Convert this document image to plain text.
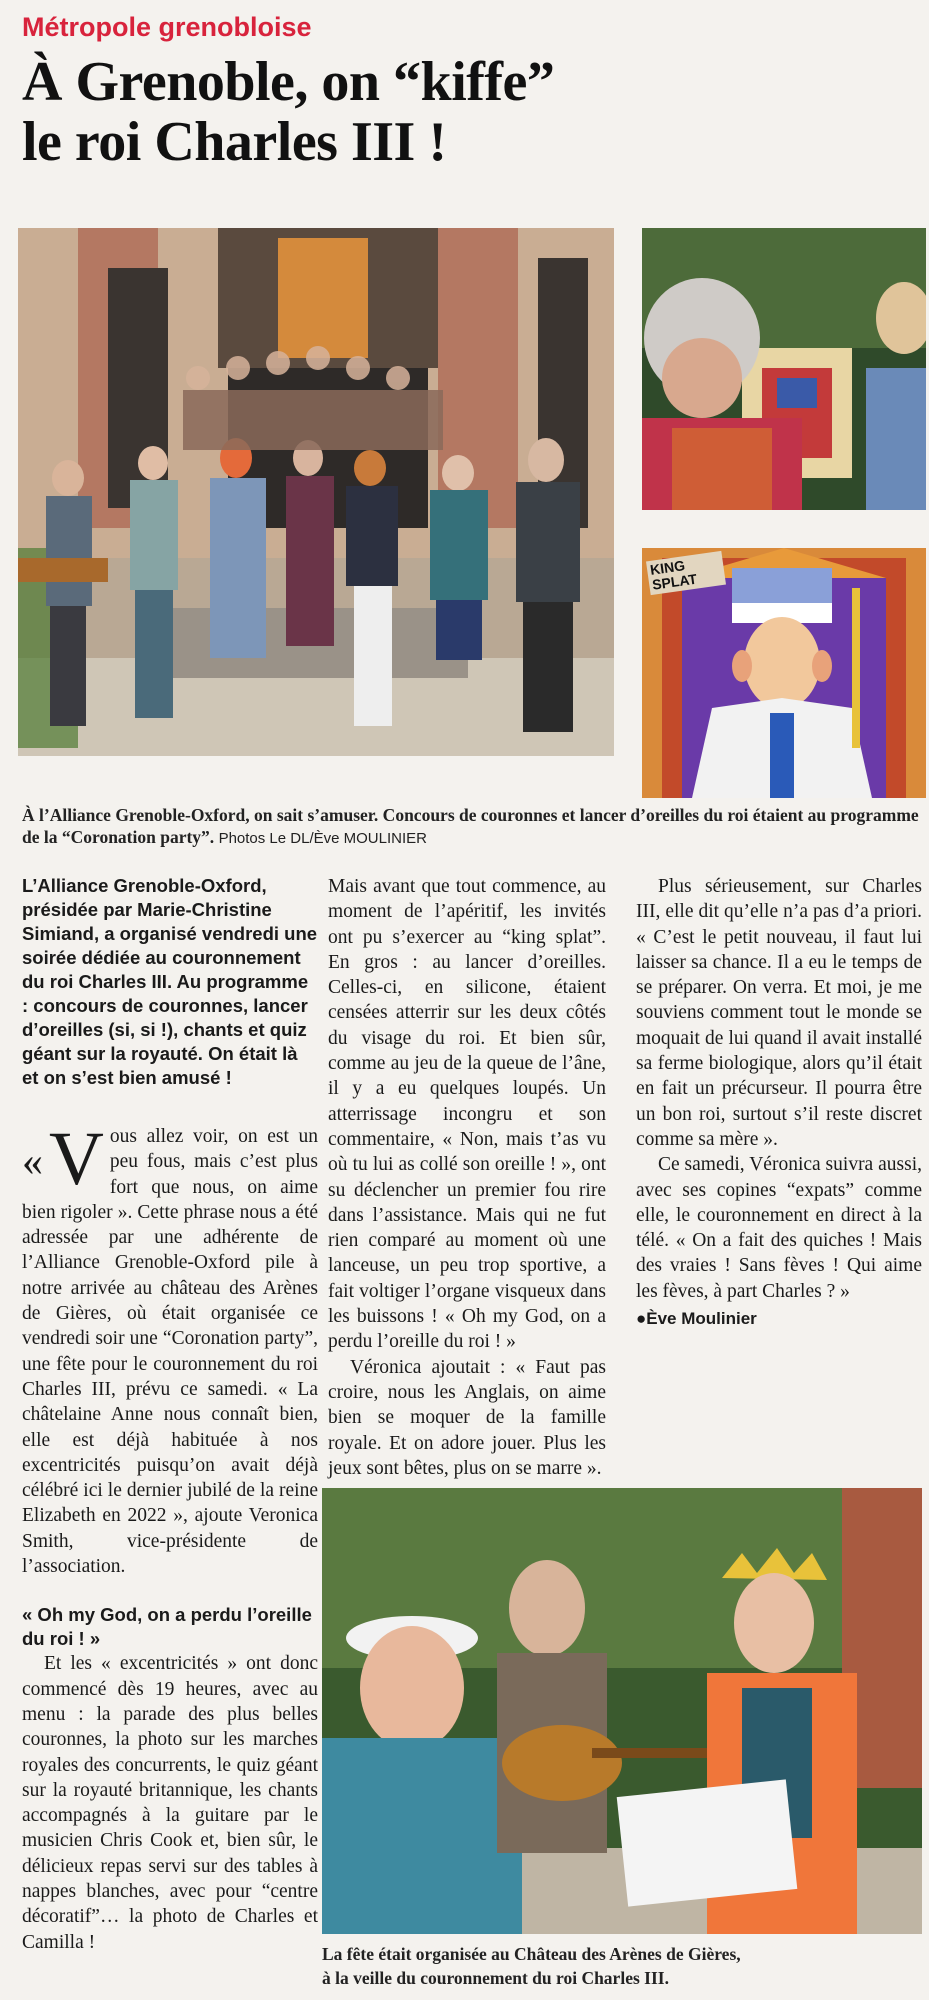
Métropole grenobloise
À Grenoble, on “kiffe”
le roi Charles III !
KING SPLAT
À l’Alliance Grenoble-Oxford, on sait s’amuser. Concours de couronnes et lancer d’oreilles du roi étaient au programme de la “Coronation party”. Photos Le DL/Ève MOULINIER

L’Alliance Grenoble-Oxford, présidée par Marie-Christine Simiand, a organisé vendredi une soirée dédiée au couronnement du roi Charles III. Au programme : concours de couronnes, lancer d’oreilles (si, si !), chants et quiz géant sur la royauté. On était là et on s’est bien amusé !

« V ous allez voir, on est un peu fous, mais c’est plus fort que nous, on aime bien rigoler ». Cette phrase nous a été adressée par une adhérente de l’Alliance Grenoble-Oxford pile à notre arrivée au château des Arènes de Gières, où était organisée ce vendredi soir une “Coronation party”, une fête pour le couronnement du roi Charles III, prévu ce samedi. « La châtelaine Anne nous connaît bien, elle est déjà habituée à nos excentricités puisqu’on avait déjà célébré ici le dernier jubilé de la reine Elizabeth en 2022 », ajoute Veronica Smith, vice-présidente de l’association.

« Oh my God, on a perdu l’oreille du roi ! »

Et les « excentricités » ont donc commencé dès 19 heures, avec au menu : la parade des plus belles couronnes, la photo sur les marches royales des concurrents, le quiz géant sur la royauté britannique, les chants accompagnés à la guitare par le musicien Chris Cook et, bien sûr, le délicieux repas servi sur des tables à nappes blanches, avec pour “centre décoratif”… la photo de Charles et Camilla !

Mais avant que tout commence, au moment de l’apéritif, les invités ont pu s’exercer au “king splat”. En gros : au lancer d’oreilles. Celles-ci, en silicone, étaient censées atterrir sur les deux côtés du visage du roi. Et bien sûr, comme au jeu de la queue de l’âne, il y a eu quelques loupés. Un atterrissage incongru et son commentaire, « Non, mais t’as vu où tu lui as collé son oreille ! », ont su déclencher un premier fou rire dans l’assistance. Mais qui ne fut rien comparé au moment où une lanceuse, un peu trop sportive, a fait voltiger l’organe visqueux dans les buissons ! « Oh my God, on a perdu l’oreille du roi ! »

Véronica ajoutait : « Faut pas croire, nous les Anglais, on aime bien se moquer de la famille royale. Et on adore jouer. Plus les jeux sont bêtes, plus on se marre ».

Plus sérieusement, sur Charles III, elle dit qu’elle n’a pas d’a priori. « C’est le petit nouveau, il faut lui laisser sa chance. Il a eu le temps de se préparer. On verra. Et moi, je me souviens comment tout le monde se moquait de lui quand il avait installé sa ferme biologique, alors qu’il était en fait un précurseur. Il pourra être un bon roi, surtout s’il reste discret comme sa mère ».

Ce samedi, Véronica suivra aussi, avec ses copines “expats” comme elle, le couronnement en direct à la télé. « On a fait des quiches ! Mais des vraies ! Sans fèves ! Qui aime les fèves, à part Charles ? »

●Ève Moulinier

La fête était organisée au Château des Arènes de Gières,
à la veille du couronnement du roi Charles III.
